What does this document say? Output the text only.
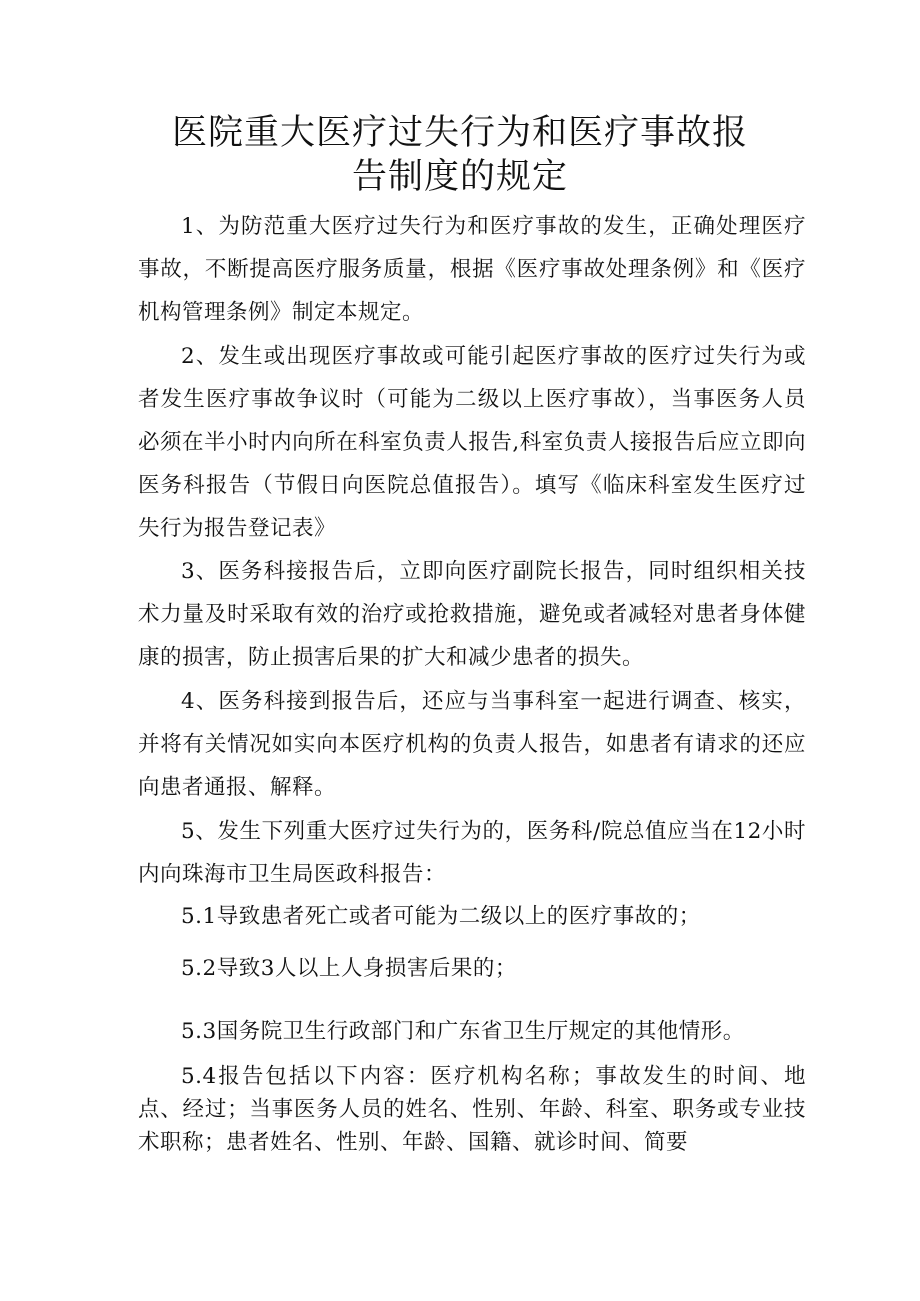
医院重大医疗过失行为和医疗事故报
告制度的规定
1、为防范重大医疗过失行为和医疗事故的发生，正确处理医疗事故，不断提高医疗服务质量，根据《医疗事故处理条例》和《医疗机构管理条例》制定本规定。
2、发生或出现医疗事故或可能引起医疗事故的医疗过失行为或者发生医疗事故争议时（可能为二级以上医疗事故），当事医务人员必须在半小时内向所在科室负责人报告,科室负责人接报告后应立即向医务科报告（节假日向医院总值报告）。填写《临床科室发生医疗过失行为报告登记表》
3、医务科接报告后，立即向医疗副院长报告，同时组织相关技术力量及时采取有效的治疗或抢救措施，避免或者减轻对患者身体健康的损害，防止损害后果的扩大和减少患者的损失。
4、医务科接到报告后，还应与当事科室一起进行调查、核实，并将有关情况如实向本医疗机构的负责人报告，如患者有请求的还应向患者通报、解释。
5、发生下列重大医疗过失行为的，医务科/院总值应当在12小时内向珠海市卫生局医政科报告：
5.1导致患者死亡或者可能为二级以上的医疗事故的；
5.2导致3人以上人身损害后果的；
5.3国务院卫生行政部门和广东省卫生厅规定的其他情形。
5.4报告包括以下内容：医疗机构名称；事故发生的时间、地点、经过；当事医务人员的姓名、性别、年龄、科室、职务或专业技术职称；患者姓名、性别、年龄、国籍、就诊时间、简要
